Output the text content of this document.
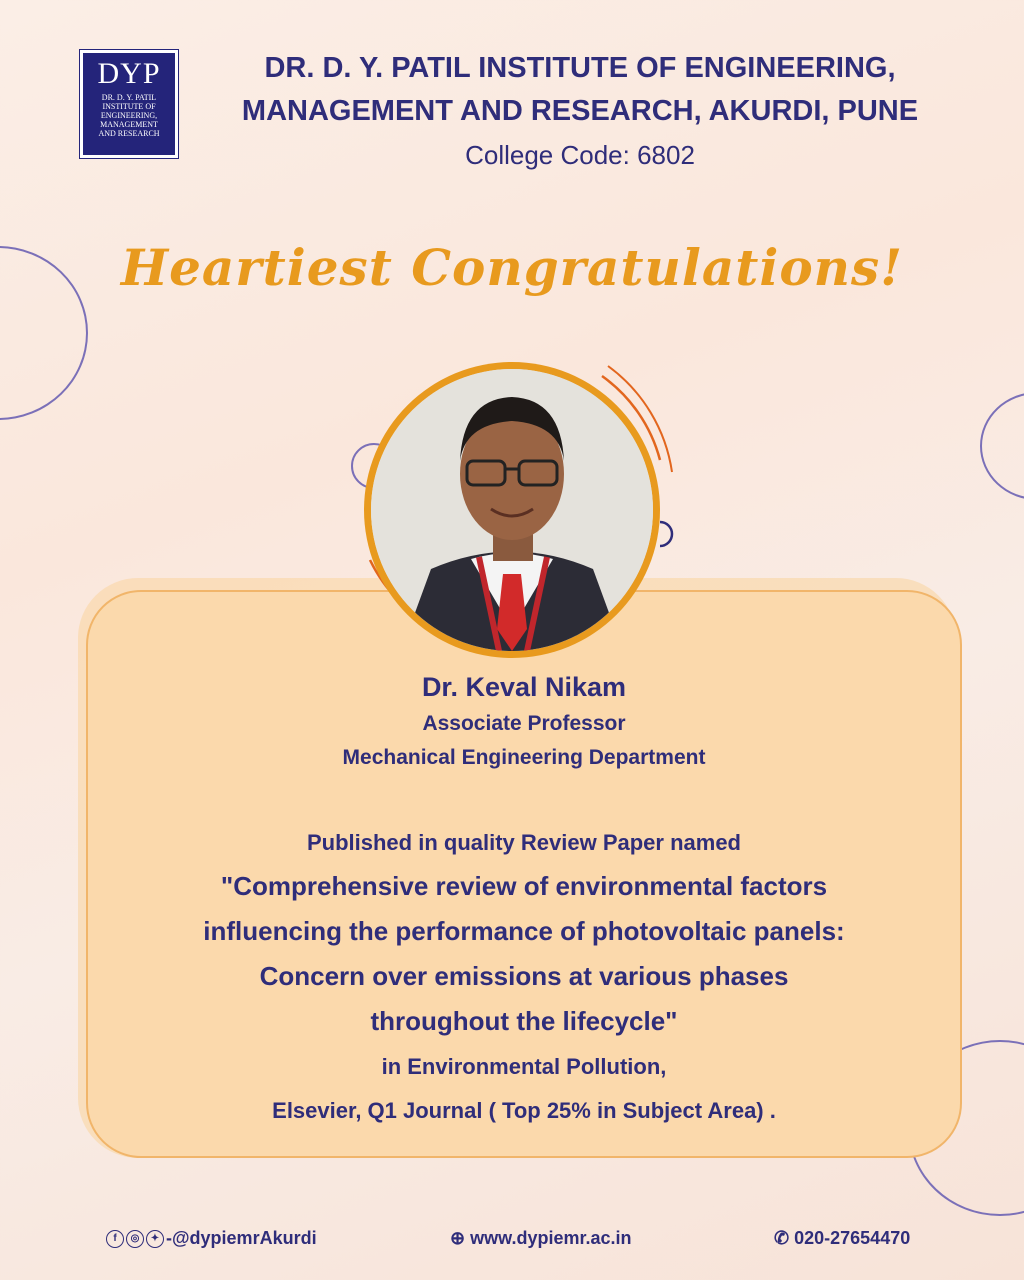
DYP
DR. D. Y. PATIL
INSTITUTE OF
ENGINEERING,
MANAGEMENT
AND RESEARCH
DR. D. Y. PATIL INSTITUTE OF ENGINEERING,
MANAGEMENT AND RESEARCH, AKURDI, PUNE
College Code: 6802
Heartiest Congratulations!
Dr. Keval Nikam
Associate Professor
Mechanical Engineering Department
Published in quality Review Paper named
"Comprehensive review of environmental factors
influencing the performance of photovoltaic panels:
Concern over emissions at various phases
throughout the lifecycle"
in Environmental Pollution,
Elsevier, Q1 Journal ( Top 25% in Subject Area) .
f ◎ ✦ -@dypiemrAkurdi	⊕ www.dypiemr.ac.in	✆ 020-27654470
